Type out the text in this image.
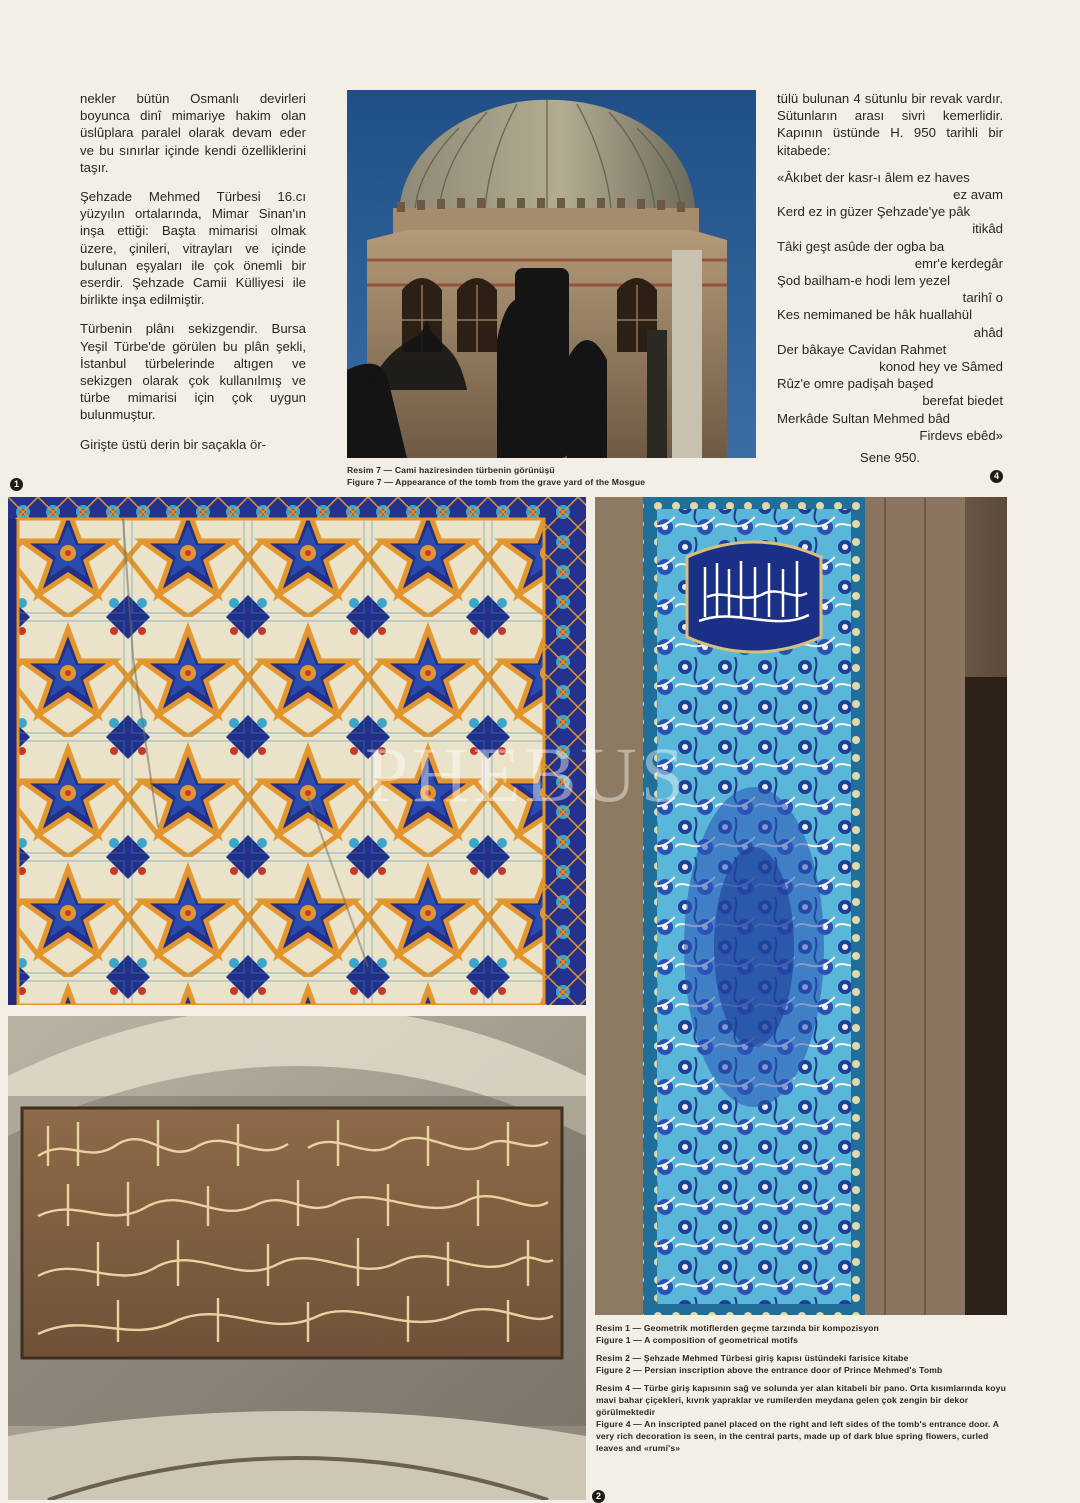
nekler bütün Osmanlı devirleri boyunca dinî mimariye hakim olan üslûplara paralel olarak devam eder ve bu sınırlar içinde kendi özelliklerini taşır.

Şehzade Mehmed Türbesi 16.cı yüzyılın ortalarında, Mimar Sinan'ın inşa ettiği: Başta mimarisi olmak üzere, çinileri, vitrayları ve içinde bulunan eşyaları ile çok önemli bir eserdir. Şehzade Camii Külliyesi ile birlikte inşa edilmiştir.

Türbenin plânı sekizgendir. Bursa Yeşil Türbe'de görülen bu plân şekli, İstanbul türbelerinde altıgen ve sekizgen olarak çok kullanılmış ve türbe mimarisi için çok uygun bulunmuştur.

Girişte üstü derin bir saçakla ör-

tülü bulunan 4 sütunlu bir revak vardır. Sütunların arası sivri kemerlidir. Kapının üstünde H. 950 tarihli bir kitabede:

«Âkıbet der kasr-ı âlem ez haves
ez avam
Kerd ez in güzer Şehzade'ye pâk
itikâd
Tâki geşt asûde der ogba ba
emr'e kerdegâr
Şod bailham-e hodi lem yezel
tarihî o
Kes nemimaned be hâk huallahül
ahâd
Der bâkaye Cavidan Rahmet
konod hey ve Sâmed
Rûz'e omre padişah başed
berefat biedet
Merkâde Sultan Mehmed bâd
Firdevs ebêd»
Sene 950.
Resim 7 — Cami haziresinden türbenin görünüşü
Figure 7 — Appearance of the tomb from the grave yard of the Mosgue
1
4
PHEBUS

Resim 1 — Geometrik motiflerden geçme tarzında bir kompozisyon
Figure 1 — A composition of geometrical motifs

Resim 2 — Şehzade Mehmed Türbesi giriş kapısı üstündeki farisice kitabe
Figure 2 — Persian inscription above the entrance door of Prince Mehmed's Tomb

Resim 4 — Türbe giriş kapısının sağ ve solunda yer alan kitabeli bir pano. Orta kısımlarında koyu mavi bahar çiçekleri, kıvrık yapraklar ve rumilerden meydana gelen çok zengin bir dekor görülmektedir
Figure 4 — An inscripted panel placed on the right and left sides of the tomb's entrance door. A very rich decoration is seen, in the central parts, made up of dark blue spring flowers, curled leaves and «rumi's»

2
